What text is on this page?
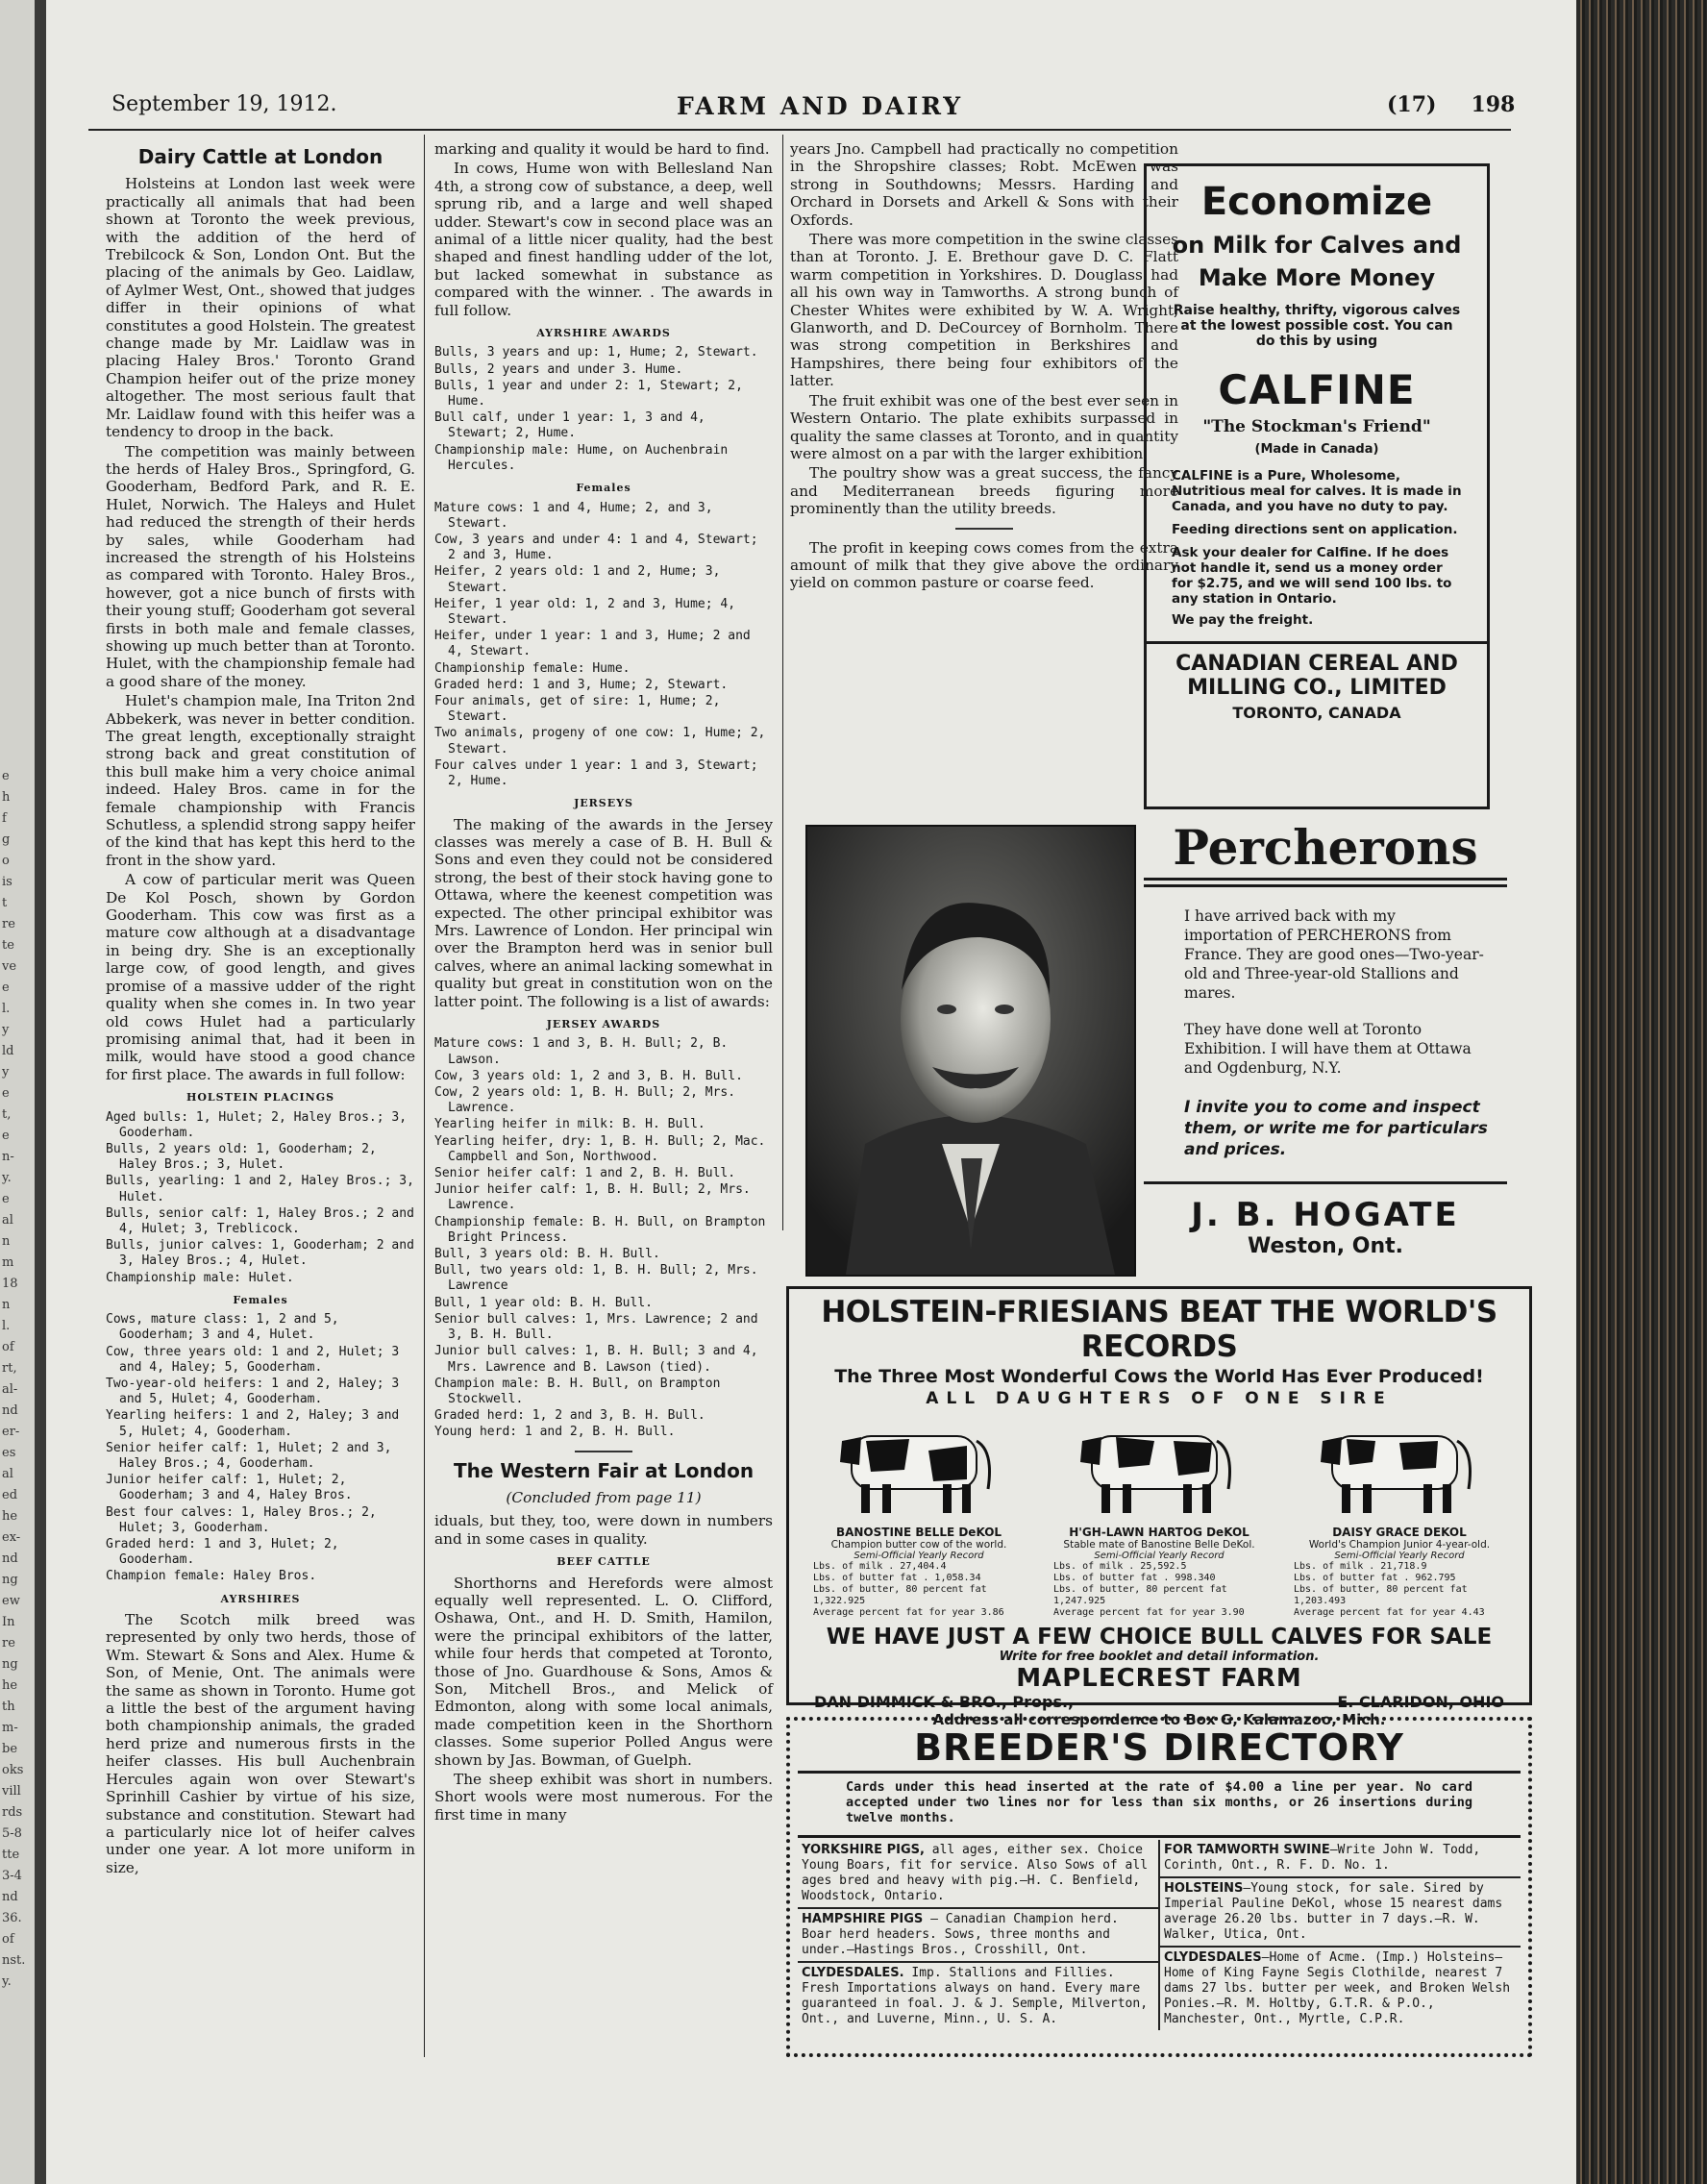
e
h
f
g
o
is
t
re
te
ve
e
l.
y
ld
y
e
t,
e
n-
y.
e
al
n
m
18
n
l.
of
rt,
al-
nd
er-
es
al
ed
he
ex-
nd
ng
ew
In
re
ng
he
th
m-
be
oks
vill
rds
5-8
tte
3-4
nd
36.
of
nst.
y.
September 19, 1912.	FARM AND DAIRY	(17) 198
Dairy Cattle at London

Holsteins at London last week were practically all animals that had been shown at Toronto the week previous, with the addition of the herd of Trebilcock & Son, London Ont. But the placing of the animals by Geo. Laidlaw, of Aylmer West, Ont., showed that judges differ in their opinions of what constitutes a good Holstein. The greatest change made by Mr. Laidlaw was in placing Haley Bros.' Toronto Grand Champion heifer out of the prize money altogether. The most serious fault that Mr. Laidlaw found with this heifer was a tendency to droop in the back.

The competition was mainly between the herds of Haley Bros., Springford, G. Gooderham, Bedford Park, and R. E. Hulet, Norwich. The Haleys and Hulet had reduced the strength of their herds by sales, while Gooderham had increased the strength of his Holsteins as compared with Toronto. Haley Bros., however, got a nice bunch of firsts with their young stuff; Gooderham got several firsts in both male and female classes, showing up much better than at Toronto. Hulet, with the championship female had a good share of the money.

Hulet's champion male, Ina Triton 2nd Abbekerk, was never in better condition. The great length, exceptionally straight strong back and great constitution of this bull make him a very choice animal indeed. Haley Bros. came in for the female championship with Francis Schutless, a splendid strong sappy heifer of the kind that has kept this herd to the front in the show yard.

A cow of particular merit was Queen De Kol Posch, shown by Gordon Gooderham. This cow was first as a mature cow although at a disadvantage in being dry. She is an exceptionally large cow, of good length, and gives promise of a massive udder of the right quality when she comes in. In two year old cows Hulet had a particularly promising animal that, had it been in milk, would have stood a good chance for first place. The awards in full follow:

HOLSTEIN PLACINGS
Aged bulls: 1, Hulet; 2, Haley Bros.; 3, Gooderham.
Bulls, 2 years old: 1, Gooderham; 2, Haley Bros.; 3, Hulet.
Bulls, yearling: 1 and 2, Haley Bros.; 3, Hulet.
Bulls, senior calf: 1, Haley Bros.; 2 and 4, Hulet; 3, Treblicock.
Bulls, junior calves: 1, Gooderham; 2 and 3, Haley Bros.; 4, Hulet.
Championship male: Hulet.
Females
Cows, mature class: 1, 2 and 5, Gooderham; 3 and 4, Hulet.
Cow, three years old: 1 and 2, Hulet; 3 and 4, Haley; 5, Gooderham.
Two-year-old heifers: 1 and 2, Haley; 3 and 5, Hulet; 4, Gooderham.
Yearling heifers: 1 and 2, Haley; 3 and 5, Hulet; 4, Gooderham.
Senior heifer calf: 1, Hulet; 2 and 3, Haley Bros.; 4, Gooderham.
Junior heifer calf: 1, Hulet; 2, Gooderham; 3 and 4, Haley Bros.
Best four calves: 1, Haley Bros.; 2, Hulet; 3, Gooderham.
Graded herd: 1 and 3, Hulet; 2, Gooderham.
Champion female: Haley Bros.
AYRSHIRES

The Scotch milk breed was represented by only two herds, those of Wm. Stewart & Sons and Alex. Hume & Son, of Menie, Ont. The animals were the same as shown in Toronto. Hume got a little the best of the argument having both championship animals, the graded herd prize and numerous firsts in the heifer classes. His bull Auchenbrain Hercules again won over Stewart's Sprinhill Cashier by virtue of his size, substance and constitution. Stewart had a particularly nice lot of heifer calves under one year. A lot more uniform in size,

marking and quality it would be hard to find.

In cows, Hume won with Bellesland Nan 4th, a strong cow of substance, a deep, well sprung rib, and a large and well shaped udder. Stewart's cow in second place was an animal of a little nicer quality, had the best shaped and finest handling udder of the lot, but lacked somewhat in substance as compared with the winner. . The awards in full follow.

AYRSHIRE AWARDS
Bulls, 3 years and up: 1, Hume; 2, Stewart.
Bulls, 2 years and under 3. Hume.
Bulls, 1 year and under 2: 1, Stewart; 2, Hume.
Bull calf, under 1 year: 1, 3 and 4, Stewart; 2, Hume.
Championship male: Hume, on Auchenbrain Hercules.
Females
Mature cows: 1 and 4, Hume; 2, and 3, Stewart.
Cow, 3 years and under 4: 1 and 4, Stewart; 2 and 3, Hume.
Heifer, 2 years old: 1 and 2, Hume; 3, Stewart.
Heifer, 1 year old: 1, 2 and 3, Hume; 4, Stewart.
Heifer, under 1 year: 1 and 3, Hume; 2 and 4, Stewart.
Championship female: Hume.
Graded herd: 1 and 3, Hume; 2, Stewart.
Four animals, get of sire: 1, Hume; 2, Stewart.
Two animals, progeny of one cow: 1, Hume; 2, Stewart.
Four calves under 1 year: 1 and 3, Stewart; 2, Hume.
JERSEYS

The making of the awards in the Jersey classes was merely a case of B. H. Bull & Sons and even they could not be considered strong, the best of their stock having gone to Ottawa, where the keenest competition was expected. The other principal exhibitor was Mrs. Lawrence of London. Her principal win over the Brampton herd was in senior bull calves, where an animal lacking somewhat in quality but great in constitution won on the latter point. The following is a list of awards:

JERSEY AWARDS
Mature cows: 1 and 3, B. H. Bull; 2, B. Lawson.
Cow, 3 years old: 1, 2 and 3, B. H. Bull.
Cow, 2 years old: 1, B. H. Bull; 2, Mrs. Lawrence.
Yearling heifer in milk: B. H. Bull.
Yearling heifer, dry: 1, B. H. Bull; 2, Mac. Campbell and Son, Northwood.
Senior heifer calf: 1 and 2, B. H. Bull.
Junior heifer calf: 1, B. H. Bull; 2, Mrs. Lawrence.
Championship female: B. H. Bull, on Brampton Bright Princess.
Bull, 3 years old: B. H. Bull.
Bull, two years old: 1, B. H. Bull; 2, Mrs. Lawrence
Bull, 1 year old: B. H. Bull.
Senior bull calves: 1, Mrs. Lawrence; 2 and 3, B. H. Bull.
Junior bull calves: 1, B. H. Bull; 3 and 4, Mrs. Lawrence and B. Lawson (tied).
Champion male: B. H. Bull, on Brampton Stockwell.
Graded herd: 1, 2 and 3, B. H. Bull.
Young herd: 1 and 2, B. H. Bull.
The Western Fair at London
(Concluded from page 11)

iduals, but they, too, were down in numbers and in some cases in quality.

BEEF CATTLE

Shorthorns and Herefords were almost equally well represented. L. O. Clifford, Oshawa, Ont., and H. D. Smith, Hamilon, were the principal exhibitors of the latter, while four herds that competed at Toronto, those of Jno. Guardhouse & Sons, Amos & Son, Mitchell Bros., and Melick of Edmonton, along with some local animals, made competition keen in the Shorthorn classes. Some superior Polled Angus were shown by Jas. Bowman, of Guelph.

The sheep exhibit was short in numbers. Short wools were most numerous. For the first time in many

years Jno. Campbell had practically no competition in the Shropshire classes; Robt. McEwen was strong in Southdowns; Messrs. Harding and Orchard in Dorsets and Arkell & Sons with their Oxfords.

There was more competition in the swine classes than at Toronto. J. E. Brethour gave D. C. Flatt warm competition in Yorkshires. D. Douglass had all his own way in Tamworths. A strong bunch of Chester Whites were exhibited by W. A. Wright, Glanworth, and D. DeCourcey of Bornholm. There was strong competition in Berkshires and Hampshires, there being four exhibitors of the latter.

The fruit exhibit was one of the best ever seen in Western Ontario. The plate exhibits surpassed in quality the same classes at Toronto, and in quantity were almost on a par with the larger exhibition.

The poultry show was a great success, the fancy and Mediterranean breeds figuring more prominently than the utility breeds.

The profit in keeping cows comes from the extra amount of milk that they give above the ordinary yield on common pasture or coarse feed.

Economize
on Milk for Calves and
Make More Money
Raise healthy, thrifty, vigorous calves at the lowest possible cost. You can do this by using
CALFINE
"The Stockman's Friend"
(Made in Canada)
CALFINE is a Pure, Wholesome, Nutritious meal for calves. It is made in Canada, and you have no duty to pay.
Feeding directions sent on application.
Ask your dealer for Calfine. If he does not handle it, send us a money order for $2.75, and we will send 100 lbs. to any station in Ontario.
We pay the freight.
CANADIAN CEREAL AND
MILLING CO., LIMITED
TORONTO, CANADA
Percherons
I have arrived back with my importation of PERCHERONS from France. They are good ones—Two-year-old and Three-year-old Stallions and mares.
They have done well at Toronto Exhibition. I will have them at Ottawa and Ogdenburg, N.Y.
I invite you to come and inspect them, or write me for particulars and prices.
J. B. HOGATE
Weston, Ont.
HOLSTEIN-FRIESIANS BEAT THE WORLD'S RECORDS
The Three Most Wonderful Cows the World Has Ever Produced!
ALL DAUGHTERS OF ONE SIRE
BANOSTINE BELLE DeKOL
Champion butter cow of the world.
Semi-Official Yearly Record
Lbs. of milk . 27,404.4
Lbs. of butter fat . 1,058.34
Lbs. of butter, 80 percent fat 1,322.925
Average percent fat for year 3.86
H'GH-LAWN HARTOG DeKOL
Stable mate of Banostine Belle DeKol.
Semi-Official Yearly Record
Lbs. of milk . 25,592.5
Lbs. of butter fat . 998.340
Lbs. of butter, 80 percent fat 1,247.925
Average percent fat for year 3.90
DAISY GRACE DEKOL
World's Champion Junior 4-year-old.
Semi-Official Yearly Record
Lbs. of milk . 21,718.9
Lbs. of butter fat . 962.795
Lbs. of butter, 80 percent fat 1,203.493
Average percent fat for year 4.43
WE HAVE JUST A FEW CHOICE BULL CALVES FOR SALE
Write for free booklet and detail information.
MAPLECREST FARM
DAN DIMMICK & BRO., Props.,	E. CLARIDON, OHIO
Address all correspondence to Box G, Kalamazoo, Mich.
BREEDER'S DIRECTORY
Cards under this head inserted at the rate of $4.00 a line per year. No card accepted under two lines nor for less than six months, or 26 insertions during twelve months.
YORKSHIRE PIGS, all ages, either sex. Choice Young Boars, fit for service. Also Sows of all ages bred and heavy with pig.—H. C. Benfield, Woodstock, Ontario.
HAMPSHIRE PIGS — Canadian Champion herd. Boar herd headers. Sows, three months and under.—Hastings Bros., Crosshill, Ont.
CLYDESDALES. Imp. Stallions and Fillies. Fresh Importations always on hand. Every mare guaranteed in foal. J. & J. Semple, Milverton, Ont., and Luverne, Minn., U. S. A.
FOR TAMWORTH SWINE—Write John W. Todd, Corinth, Ont., R. F. D. No. 1.
HOLSTEINS—Young stock, for sale. Sired by Imperial Pauline DeKol, whose 15 nearest dams average 26.20 lbs. butter in 7 days.—R. W. Walker, Utica, Ont.
CLYDESDALES—Home of Acme. (Imp.) Holsteins—Home of King Fayne Segis Clothilde, nearest 7 dams 27 lbs. butter per week, and Broken Welsh Ponies.—R. M. Holtby, G.T.R. & P.O., Manchester, Ont., Myrtle, C.P.R.
